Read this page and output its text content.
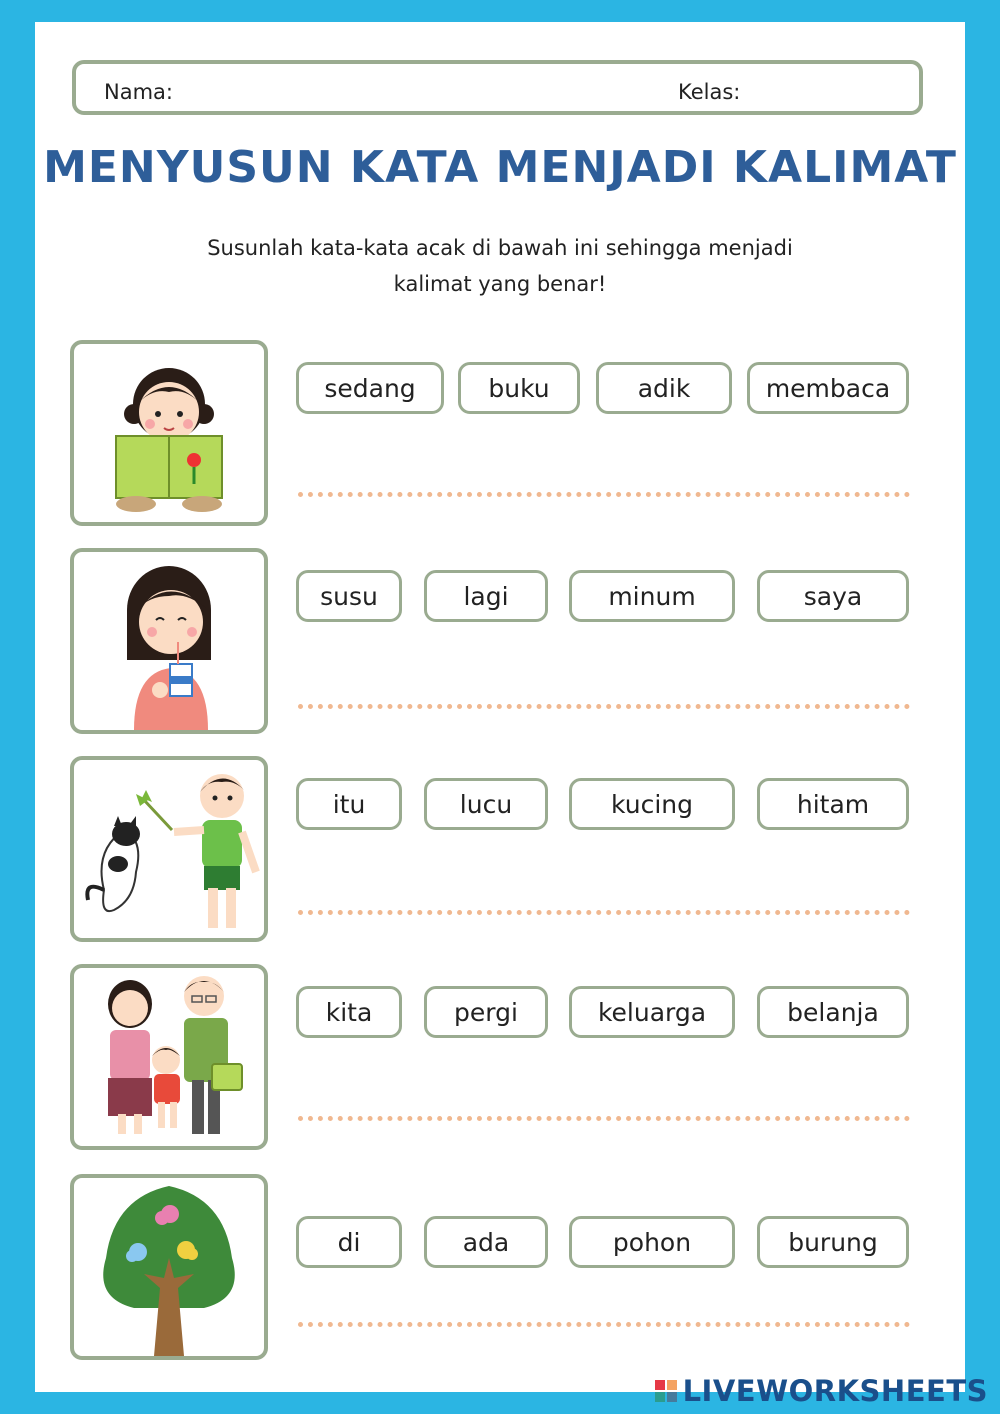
Nama:	Kelas:
MENYUSUN KATA MENJADI KALIMAT
Susunlah kata-kata acak di bawah ini sehingga menjadi
kalimat yang benar!
sedang	buku	adik	membaca
susu	lagi	minum	saya
itu	lucu	kucing	hitam
kita	pergi	keluarga	belanja
di	ada	pohon	burung
LIVEWORKSHEETS
